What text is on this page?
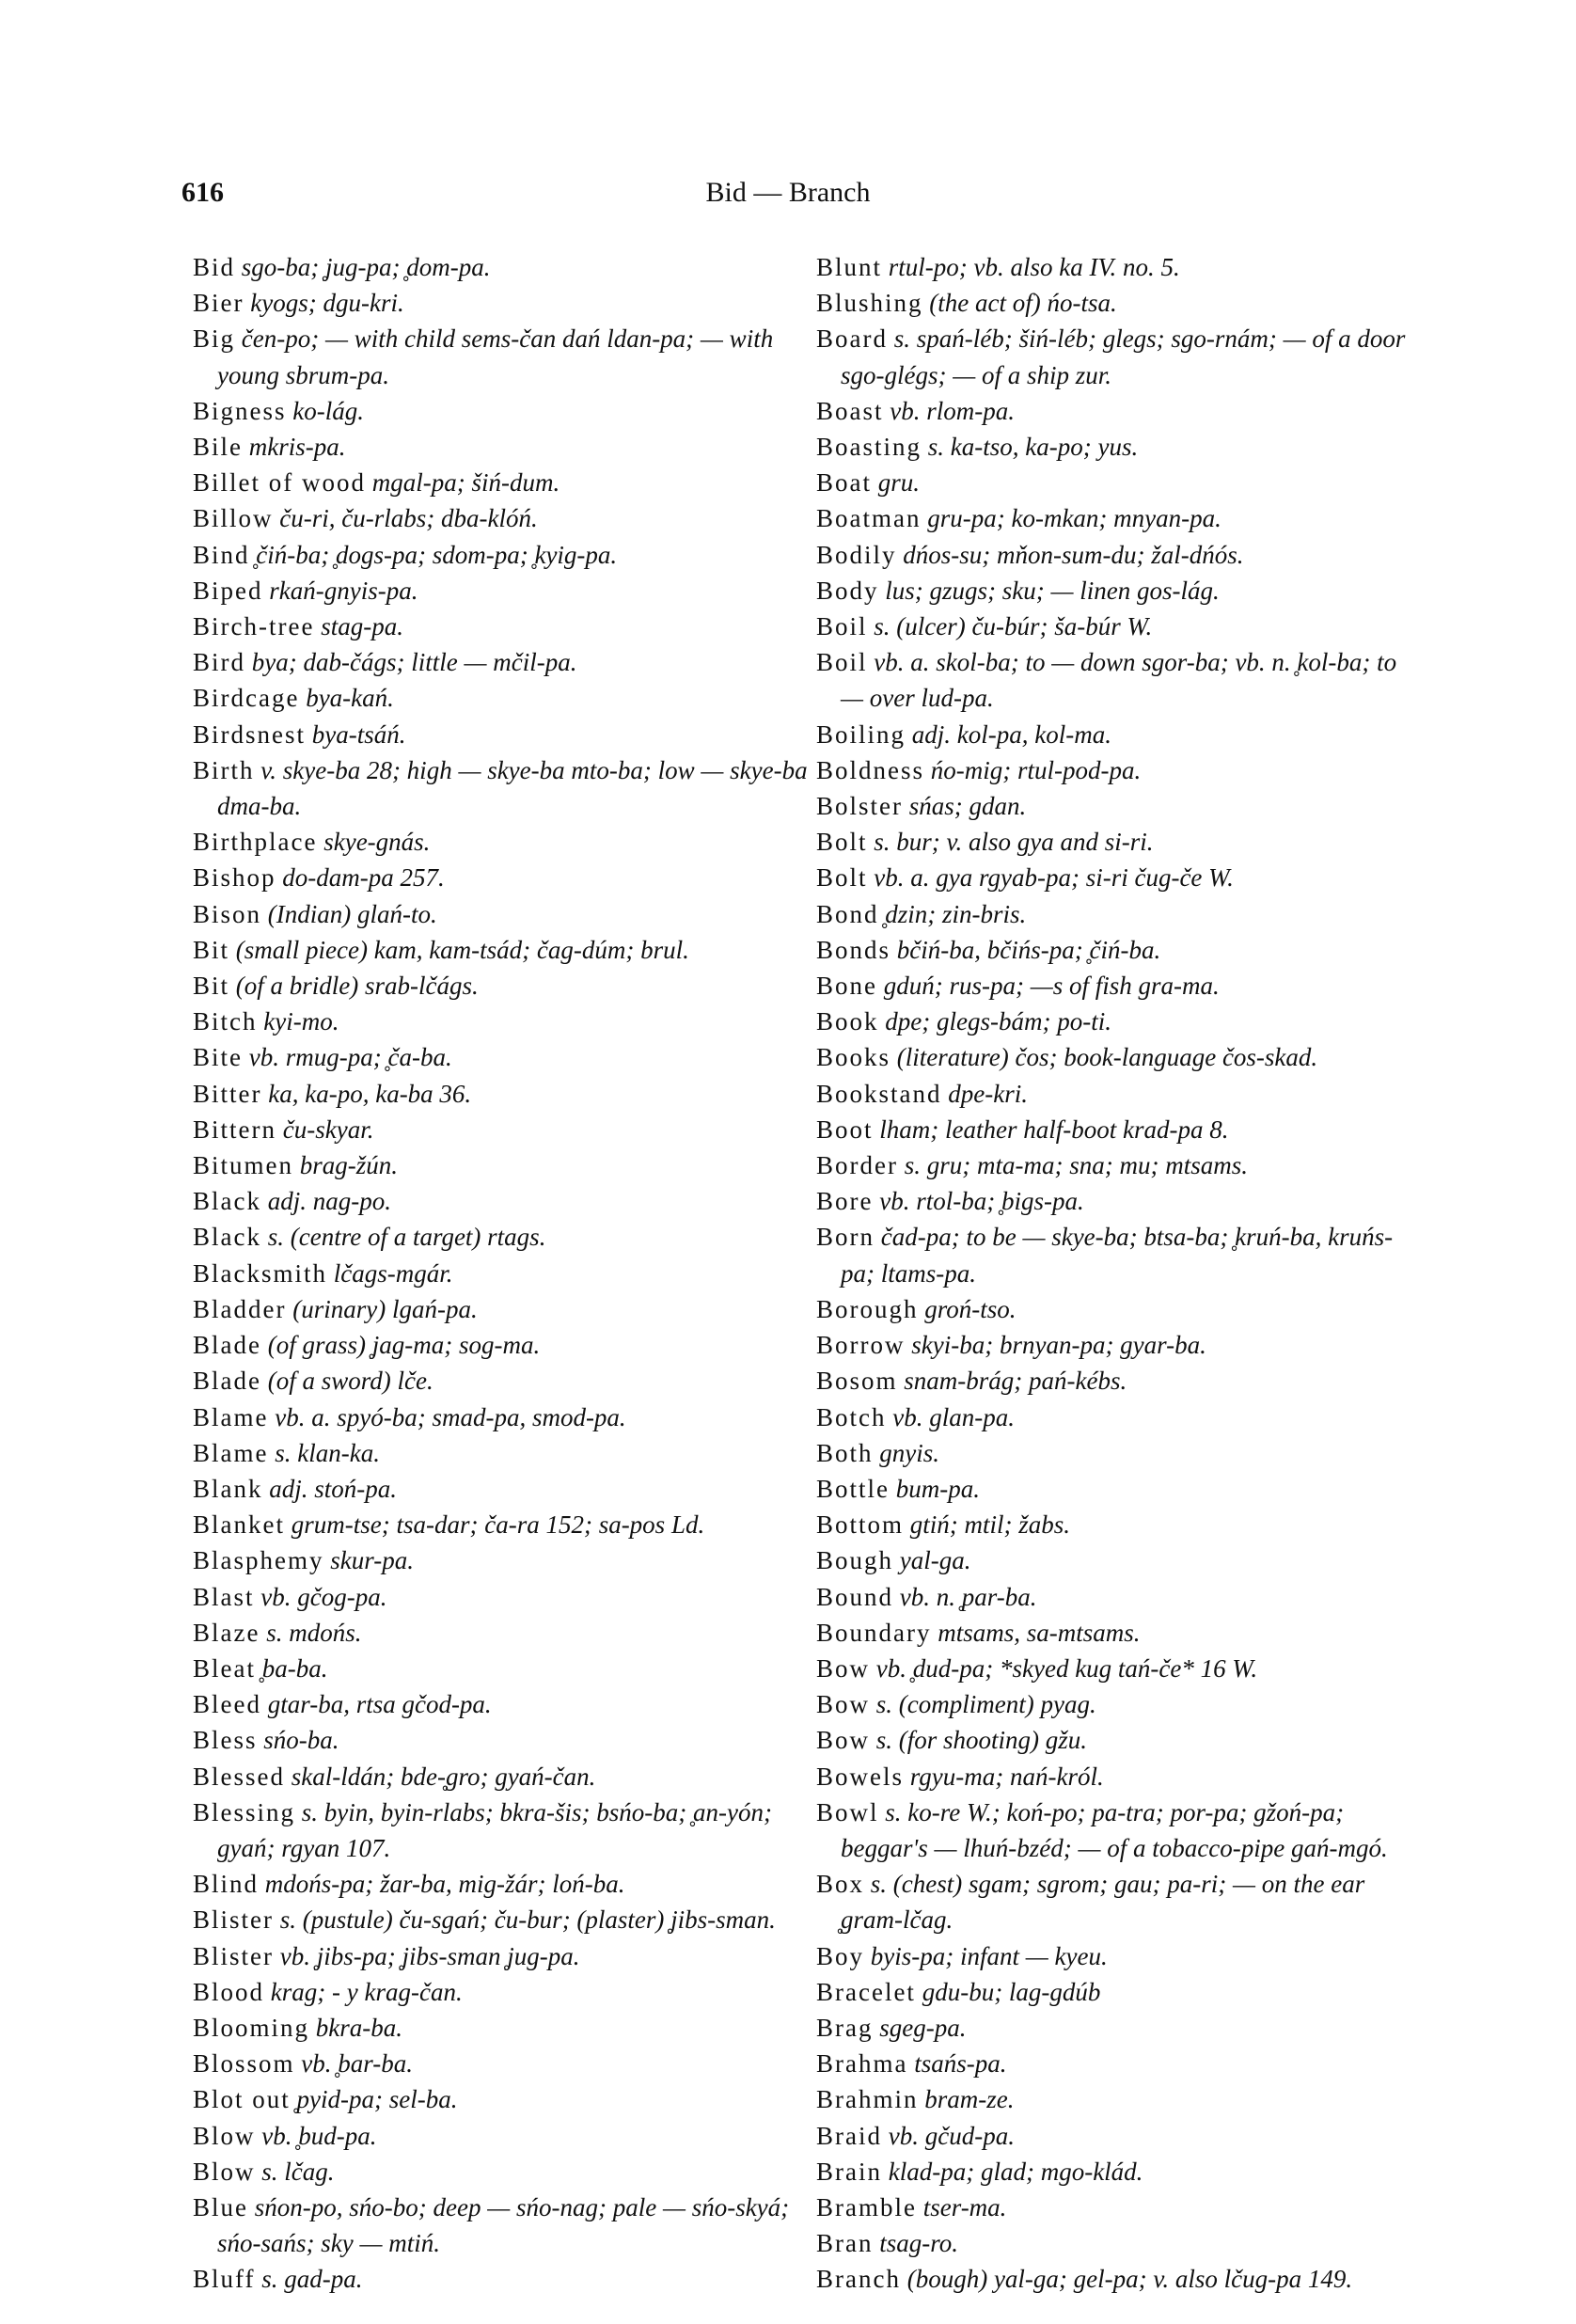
616	Bid — Branch
Bid sgo-ba; ̥jug-pa; ̥dom-pa.
Bier kyogs; dgu-kri.
Big čen-po; — with child sems-čan dań ldan-pa; — with young sbrum-pa.
Bigness ko-lág.
Bile mkris-pa.
Billet of wood mgal-pa; šiń-dum.
Billow ču-ri, ču-rlabs; dba-klóń.
Bind ̥čiń-ba; ̥dogs-pa; sdom-pa; ̥kyig-pa.
Biped rkań-gnyis-pa.
Birch-tree stag-pa.
Bird bya; dab-čágs; little — mčil-pa.
Birdcage bya-kań.
Birdsnest bya-tsáń.
Birth v. skye-ba 28; high — skye-ba mto-ba; low — skye-ba dma-ba.
Birthplace skye-gnás.
Bishop do-dam-pa 257.
Bison (Indian) glań-to.
Bit (small piece) kam, kam-tsád; čag-dúm; brul.
Bit (of a bridle) srab-lčágs.
Bitch kyi-mo.
Bite vb. rmug-pa; ̥ča-ba.
Bitter ka, ka-po, ka-ba 36.
Bittern ču-skyar.
Bitumen brag-žún.
Black adj. nag-po.
Black s. (centre of a target) rtags.
Blacksmith lčags-mgár.
Bladder (urinary) lgań-pa.
Blade (of grass) ̥jag-ma; sog-ma.
Blade (of a sword) lče.
Blame vb. a. spyó-ba; smad-pa, smod-pa.
Blame s. klan-ka.
Blank adj. stoń-pa.
Blanket grum-tse; tsa-dar; ča-ra 152; sa-pos Ld.
Blasphemy skur-pa.
Blast vb. gčog-pa.
Blaze s. mdońs.
Bleat ̥ba-ba.
Bleed gtar-ba, rtsa gčod-pa.
Bless sńo-ba.
Blessed skal-ldán; bde-̥gro; gyań-čan.
Blessing s. byin, byin-rlabs; bkra-šis; bsńo-ba; ̥an-yón; gyań; rgyan 107.
Blind mdońs-pa; žar-ba, mig-žár; loń-ba.
Blister s. (pustule) ču-sgań; ču-bur; (plaster) ̥jibs-sman.
Blister vb. ̥jibs-pa; ̥jibs-sman ̥jug-pa.
Blood krag; - y krag-čan.
Blooming bkra-ba.
Blossom vb. ̥bar-ba.
Blot out ̥pyid-pa; sel-ba.
Blow vb. ̥bud-pa.
Blow s. lčag.
Blue sńon-po, sńo-bo; deep — sńo-nag; pale — sńo-skyá; sńo-sańs; sky — mtiń.
Bluff s. gad-pa.
Blunt rtul-po; vb. also ka IV. no. 5.
Blushing (the act of) ńo-tsa.
Board s. spań-léb; šiń-léb; glegs; sgo-rnám; — of a door sgo-glégs; — of a ship zur.
Boast vb. rlom-pa.
Boasting s. ka-tso, ka-po; yus.
Boat gru.
Boatman gru-pa; ko-mkan; mnyan-pa.
Bodily dńos-su; mňon-sum-du; žal-dńós.
Body lus; gzugs; sku; — linen gos-lág.
Boil s. (ulcer) ču-búr; ša-búr W.
Boil vb. a. skol-ba; to — down sgor-ba; vb. n. ̥kol-ba; to — over lud-pa.
Boiling adj. kol-pa, kol-ma.
Boldness ńo-mig; rtul-pod-pa.
Bolster sńas; gdan.
Bolt s. bur; v. also gya and si-ri.
Bolt vb. a. gya rgyab-pa; si-ri čug-če W.
Bond ̥dzin; zin-bris.
Bonds bčiń-ba, bčińs-pa; ̥čiń-ba.
Bone gduń; rus-pa; —s of fish gra-ma.
Book dpe; glegs-bám; po-ti.
Books (literature) čos; book-language čos-skad.
Bookstand dpe-kri.
Boot lham; leather half-boot krad-pa 8.
Border s. gru; mta-ma; sna; mu; mtsams.
Bore vb. rtol-ba; ̥bigs-pa.
Born čad-pa; to be — skye-ba; btsa-ba; ̥kruń-ba, kruńs-pa; ltams-pa.
Borough groń-tso.
Borrow skyi-ba; brnyan-pa; gyar-ba.
Bosom snam-brág; pań-kébs.
Botch vb. glan-pa.
Both gnyis.
Bottle bum-pa.
Bottom gtiń; mtil; žabs.
Bough yal-ga.
Bound vb. n. ̥par-ba.
Boundary mtsams, sa-mtsams.
Bow vb. ̥dud-pa; *skyed kug tań-če* 16 W.
Bow s. (compliment) pyag.
Bow s. (for shooting) gžu.
Bowels rgyu-ma; nań-król.
Bowl s. ko-re W.; koń-po; pa-tra; por-pa; gžoń-pa; beggar's — lhuń-bzéd; — of a tobacco-pipe gań-mgó.
Box s. (chest) sgam; sgrom; gau; pa-ri; — on the ear ̥gram-lčag.
Boy byis-pa; infant — kyeu.
Bracelet gdu-bu; lag-gdúb
Brag sgeg-pa.
Brahma tsańs-pa.
Brahmin bram-ze.
Braid vb. gčud-pa.
Brain klad-pa; glad; mgo-klád.
Bramble tser-ma.
Bran tsag-ro.
Branch (bough) yal-ga; gel-pa; v. also lčug-pa 149.
